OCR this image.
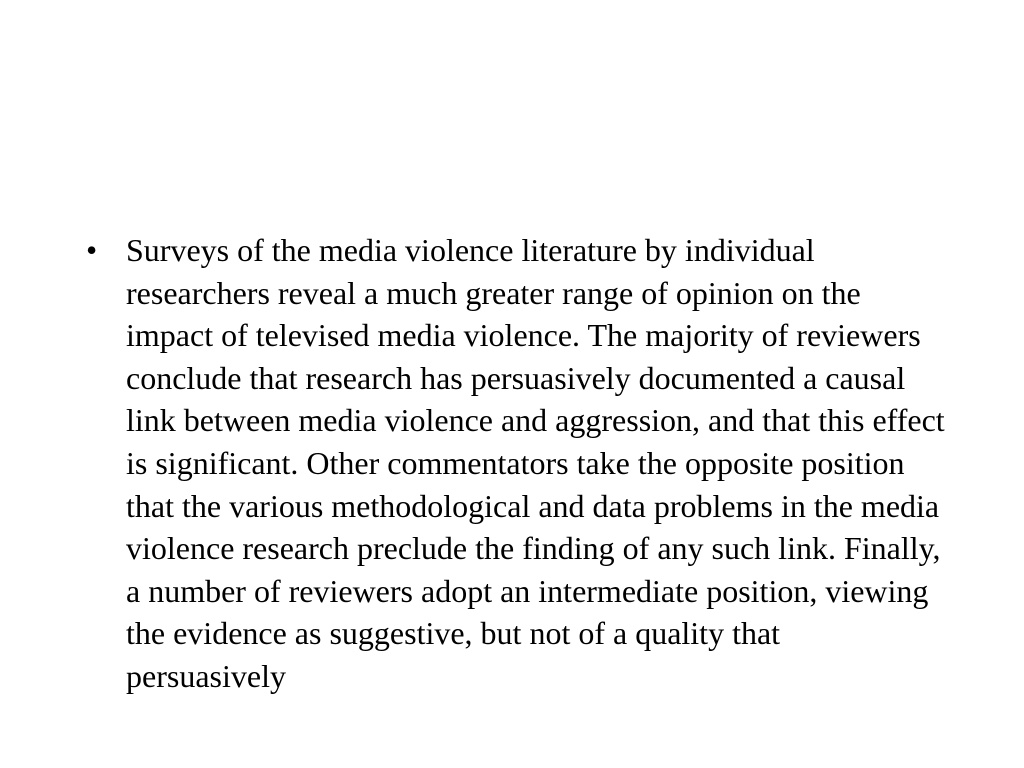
• Surveys of the media violence literature by individual researchers reveal a much greater range of opinion on the impact of televised media violence. The majority of reviewers conclude that research has persuasively documented a causal link between media violence and aggression, and that this effect is significant. Other commentators take the opposite position that the various methodological and data problems in the media violence research preclude the finding of any such link. Finally, a number of reviewers adopt an intermediate position, viewing the evidence as suggestive, but not of a quality that persuasively
